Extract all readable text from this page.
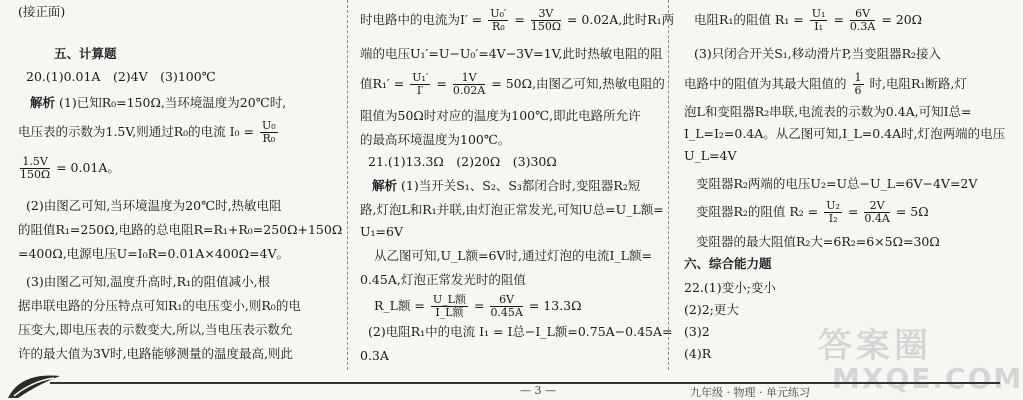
(接正面)
五、计算题
20.(1)0.01A　(2)4V　(3)100℃
解析 (1)已知R₀=150Ω,当环境温度为20℃时,
电压表的示数为1.5V,则通过R₀的电流 $I_0 = \frac{\text{U₀}}{\text{R₀}}$
$\frac{1.5V}{150\Omega} = 0.01A$。
(2)由图乙可知,当环境温度为20℃时,热敏电阻
的阻值R₁=250Ω,电路的总电阻R=R₁+R₀=250Ω+150Ω
=400Ω,电源电压U=I₀R=0.01A×400Ω=4V。
(3)由图乙可知,温度升高时,R₁的阻值减小,根
据串联电路的分压特点可知R₁的电压变小,则R₀的电
压变大,即电压表的示数变大,所以,当电压表示数允
许的最大值为3V时,电路能够测量的温度最高,则此
时电路中的电流为$I' = \frac{\text{U₀′}}{\text{R₀}} = \frac{3V}{150\Omega} = 0.02A$,此时R₁两
端的电压U₁′=U−U₀′=4V−3V=1V,此时热敏电阻的阻
值$R_1' = \frac{\text{U₁′}}{I'} = \frac{1V}{0.02A} = 50\Omega$,由图乙可知,热敏电阻的
阻值为50Ω时对应的温度为100℃,即此电路所允许
的最高环境温度为100℃。
21.(1)13.3Ω　(2)20Ω　(3)30Ω
解析 (1)当开关S₁、S₂、S₃都闭合时,变阻器R₂短
路,灯泡L和R₁并联,由灯泡正常发光,可知U总=U_L额=
U₁=6V
从乙图可知,U_L额=6V时,通过灯泡的电流I_L额=
0.45A,灯泡正常发光时的阻值
R_L额 = $\frac{\text{U\_L额}}{\text{I\_L额}} = \frac{6V}{0.45A} = 13.3\Omega$
(2)电阻R₁中的电流 I₁ = I总−I_L额=0.75A−0.45A=
0.3A
电阻R₁的阻值 $R_1 = \frac{\text{U₁}}{\text{I₁}} = \frac{6V}{0.3A} = 20\Omega$
(3)只闭合开关S₁,移动滑片P,当变阻器R₂接入
电路中的阻值为其最大阻值的 $\frac{1}{6}$ 时,电阻R₁断路,灯
泡L和变阻器R₂串联,电流表的示数为0.4A,可知I总=
I_L=I₂=0.4A。从乙图可知,I_L=0.4A时,灯泡两端的电压
U_L=4V
变阻器R₂两端的电压U₂=U总−U_L=6V−4V=2V
变阻器R₂的阻值 $R_2 = \frac{\text{U₂}}{\text{I₂}} = \frac{2V}{0.4A} = 5\Omega$
变阻器的最大阻值R₂大=6R₂=6×5Ω=30Ω
六、综合能力题
22.(1)变小;变小
(2)2;更大
(3)2
(4)R	答案圈
MXQE.COM
— 3 —	九年级 · 物理 · 单元练习
